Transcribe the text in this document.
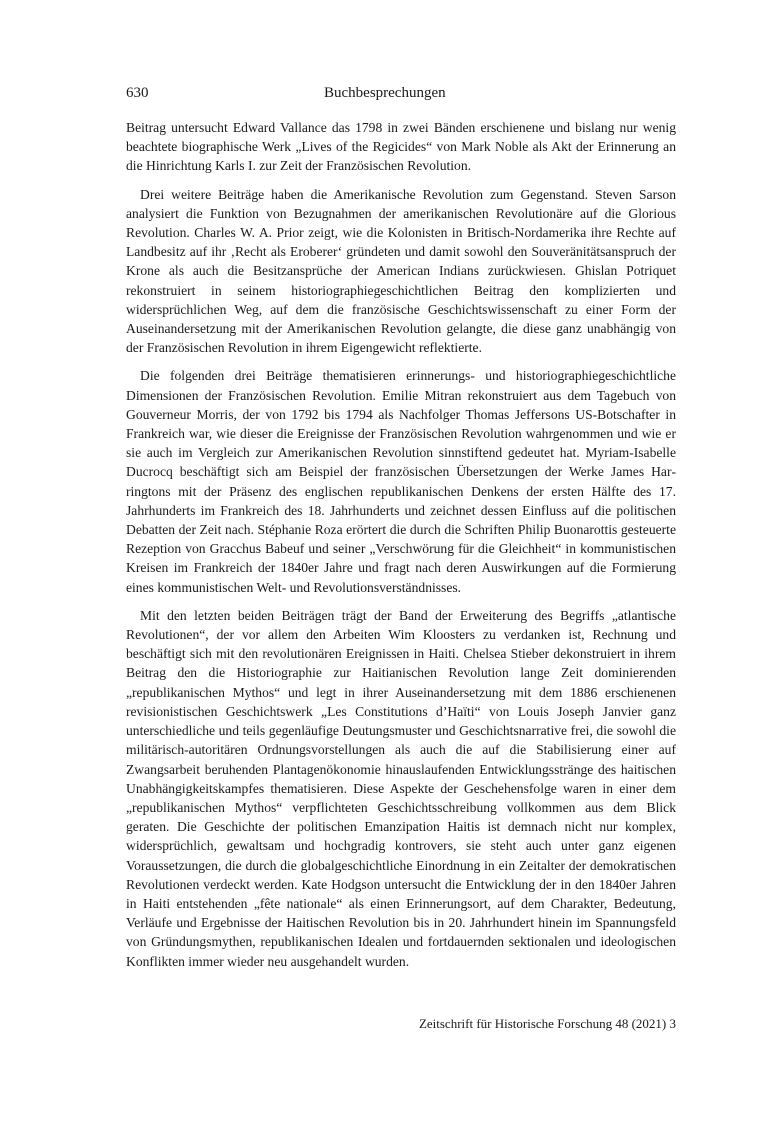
630	Buchbesprechungen

Beitrag untersucht Edward Vallance das 1798 in zwei Bänden erschienene und bislang nur wenig beachtete biographische Werk „Lives of the Regicides“ von Mark Noble als Akt der Erinnerung an die Hinrichtung Karls I. zur Zeit der Französischen Revolution.

Drei weitere Beiträge haben die Amerikanische Revolution zum Gegenstand. Steven Sarson analysiert die Funktion von Bezugnahmen der amerikanischen Revolutionäre auf die Glorious Revolution. Charles W. A. Prior zeigt, wie die Kolonisten in Britisch-Nordamerika ihre Rechte auf Landbesitz auf ihr ‚Recht als Eroberer‘ gründeten und damit sowohl den Souveränitätsanspruch der Krone als auch die Besitzansprüche der American Indians zurückwiesen. Ghislan Potriquet rekonstruiert in seinem historiographiegeschichtlichen Beitrag den komplizierten und widersprüchlichen Weg, auf dem die französische Geschichtswissenschaft zu einer Form der Auseinandersetzung mit der Amerikanischen Revolution gelangte, die diese ganz unabhängig von der Französischen Revolution in ihrem Eigengewicht reflektierte.

Die folgenden drei Beiträge thematisieren erinnerungs- und historiographiegeschichtliche Dimensionen der Französischen Revolution. Emilie Mitran rekonstruiert aus dem Tagebuch von Gouverneur Morris, der von 1792 bis 1794 als Nachfolger Thomas Jeffersons US-Botschafter in Frankreich war, wie dieser die Ereignisse der Französischen Revolution wahrgenommen und wie er sie auch im Vergleich zur Amerikanischen Revolution sinnstiftend gedeutet hat. Myriam-Isabelle Ducrocq beschäftigt sich am Beispiel der französischen Übersetzungen der Werke James Harringtons mit der Präsenz des englischen republikanischen Denkens der ersten Hälfte des 17. Jahrhunderts im Frankreich des 18. Jahrhunderts und zeichnet dessen Einfluss auf die politischen Debatten der Zeit nach. Stéphanie Roza erörtert die durch die Schriften Philip Buonarottis gesteuerte Rezeption von Gracchus Babeuf und seiner „Verschwörung für die Gleichheit“ in kommunistischen Kreisen im Frankreich der 1840er Jahre und fragt nach deren Auswirkungen auf die Formierung eines kommunistischen Welt- und Revolutionsverständnisses.

Mit den letzten beiden Beiträgen trägt der Band der Erweiterung des Begriffs „atlantische Revolutionen“, der vor allem den Arbeiten Wim Kloosters zu verdanken ist, Rechnung und beschäftigt sich mit den revolutionären Ereignissen in Haiti. Chelsea Stieber dekonstruiert in ihrem Beitrag den die Historiographie zur Haitianischen Revolution lange Zeit dominierenden „republikanischen Mythos“ und legt in ihrer Auseinandersetzung mit dem 1886 erschienenen revisionistischen Geschichtswerk „Les Constitutions d’Haïti“ von Louis Joseph Janvier ganz unterschiedliche und teils gegenläufige Deutungsmuster und Geschichtsnarrative frei, die sowohl die militärisch-autoritären Ordnungsvorstellungen als auch die auf die Stabilisierung einer auf Zwangsarbeit beruhenden Plantagenökonomie hinauslaufenden Entwicklungsstränge des haitischen Unabhängigkeitskampfes thematisieren. Diese Aspekte der Geschehensfolge waren in einer dem „republikanischen Mythos“ verpflichteten Geschichtsschreibung vollkommen aus dem Blick geraten. Die Geschichte der politischen Emanzipation Haitis ist demnach nicht nur komplex, widersprüchlich, gewaltsam und hochgradig kontrovers, sie steht auch unter ganz eigenen Voraussetzungen, die durch die globalgeschichtliche Einordnung in ein Zeitalter der demokratischen Revolutionen verdeckt werden. Kate Hodgson untersucht die Entwicklung der in den 1840er Jahren in Haiti entstehenden „fête nationale“ als einen Erinnerungsort, auf dem Charakter, Bedeutung, Verläufe und Ergebnisse der Haitischen Revolution bis in 20. Jahrhundert hinein im Spannungsfeld von Gründungsmythen, republikanischen Idealen und fortdauernden sektionalen und ideologischen Konflikten immer wieder neu ausgehandelt wurden.

Zeitschrift für Historische Forschung 48 (2021) 3
